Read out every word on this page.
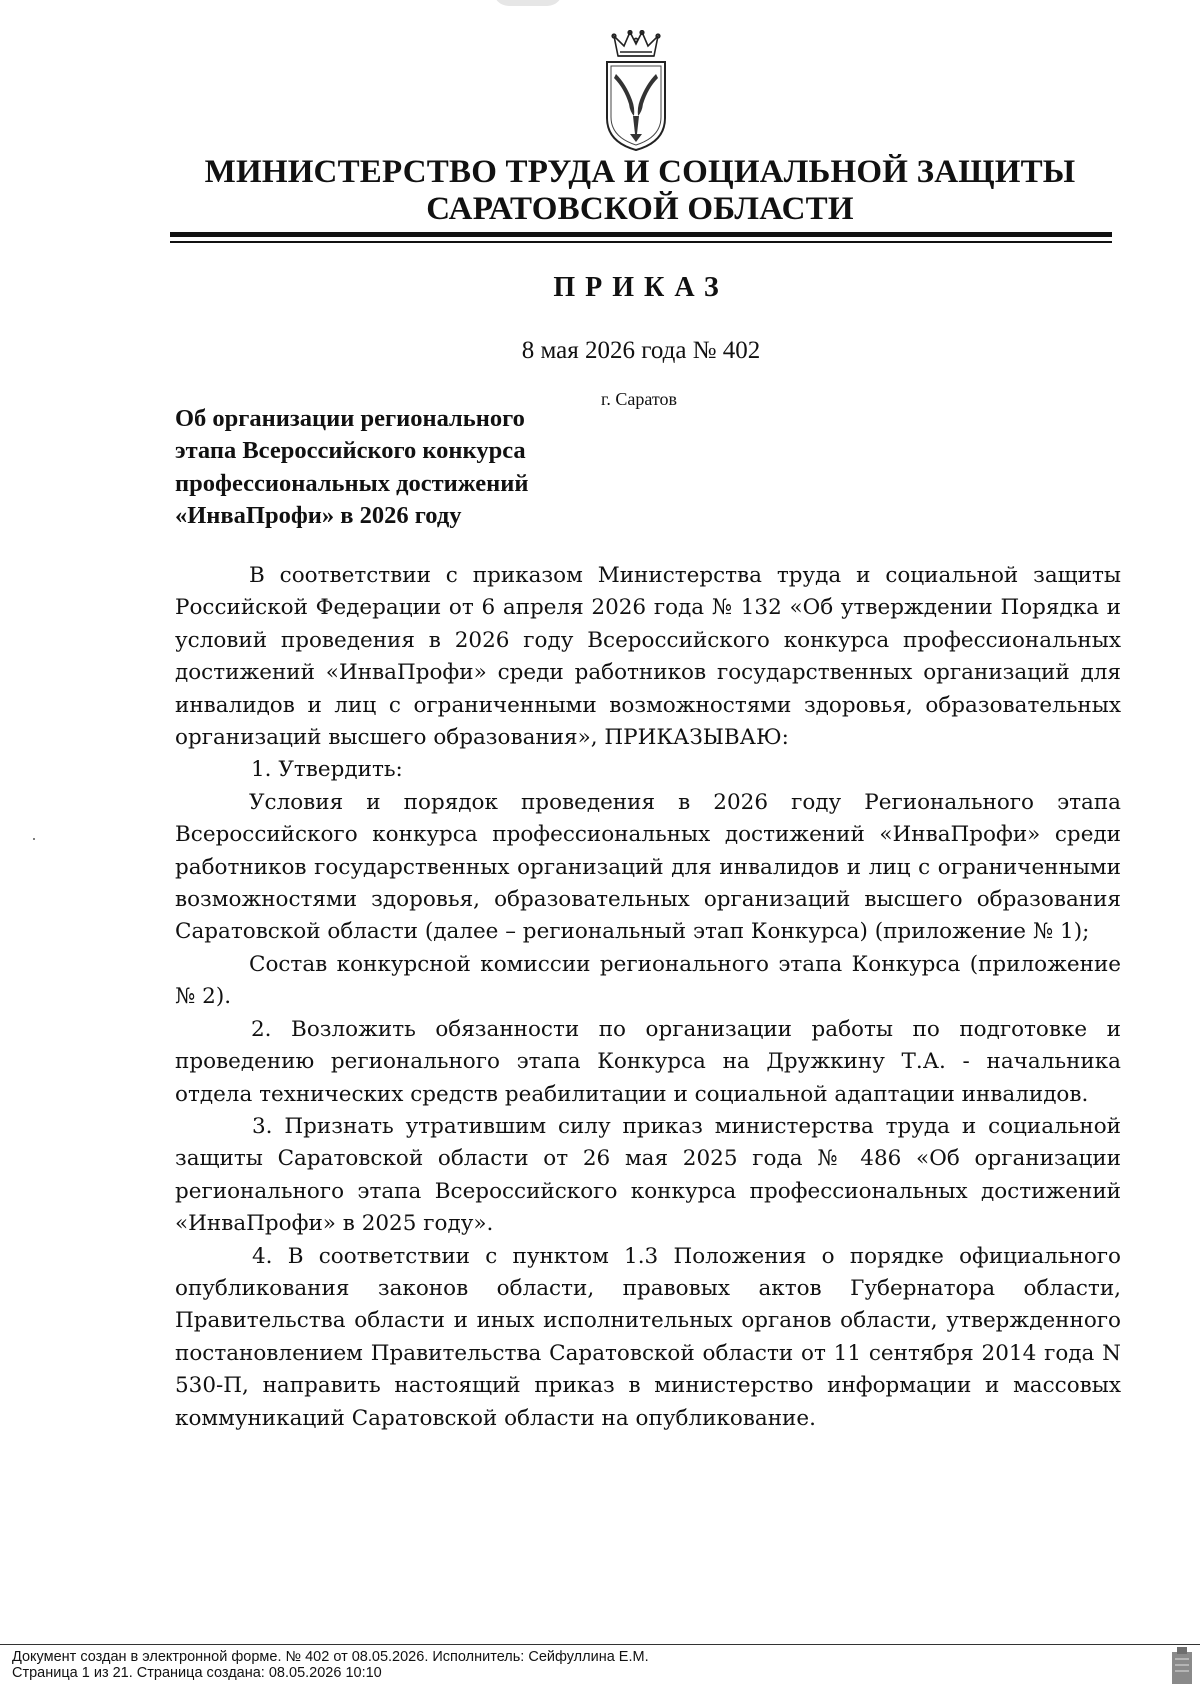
МИНИСТЕРСТВО ТРУДА И СОЦИАЛЬНОЙ ЗАЩИТЫ
САРАТОВСКОЙ ОБЛАСТИ
ПРИКАЗ
8 мая 2026 года № 402
г. Саратов
Об организации регионального
этапа Всероссийского конкурса
профессиональных достижений
«ИнваПрофи» в 2026 году

В соответствии с приказом Министерства труда и социальной защиты Российской Федерации от 6 апреля 2026 года № 132 «Об утверждении Порядка и условий проведения в 2026 году Всероссийского конкурса профессиональных достижений «ИнваПрофи» среди работников государственных организаций для инвалидов и лиц с ограниченными возможностями здоровья, образовательных организаций высшего образования», ПРИКАЗЫВАЮ:

1. Утвердить:

Условия и порядок проведения в 2026 году Регионального этапа Всероссийского конкурса профессиональных достижений «ИнваПрофи» среди работников государственных организаций для инвалидов и лиц с ограниченными возможностями здоровья, образовательных организаций высшего образования Саратовской области (далее – региональный этап Конкурса) (приложение № 1);

Состав конкурсной комиссии регионального этапа Конкурса (приложение № 2).

2. Возложить обязанности по организации работы по подготовке и проведению регионального этапа Конкурса на Дружкину Т.А. - начальника отдела технических средств реабилитации и социальной адаптации инвалидов.

3. Признать утратившим силу приказ министерства труда и социальной защиты Саратовской области от 26 мая 2025 года № 486 «Об организации регионального этапа Всероссийского конкурса профессиональных достижений «ИнваПрофи» в 2025 году».

4. В соответствии с пунктом 1.3 Положения о порядке официального опубликования законов области, правовых актов Губернатора области, Правительства области и иных исполнительных органов области, утвержденного постановлением Правительства Саратовской области от 11 сентября 2014 года N 530-П, направить настоящий приказ в министерство информации и массовых коммуникаций Саратовской области на опубликование.

Документ создан в электронной форме. № 402 от 08.05.2026. Исполнитель: Сейфуллина Е.М.
Страница 1 из 21. Страница создана: 08.05.2026 10:10
